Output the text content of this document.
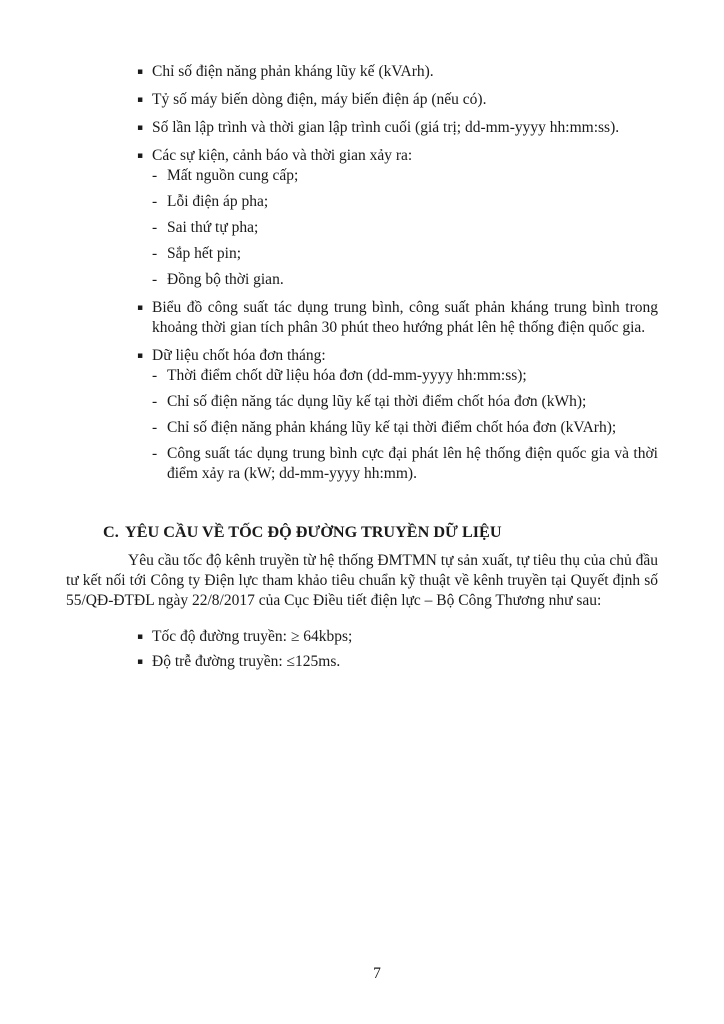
▪ Chỉ số điện năng phản kháng lũy kế (kVArh).
▪ Tỷ số máy biến dòng điện, máy biến điện áp (nếu có).
▪ Số lần lập trình và thời gian lập trình cuối (giá trị; dd-mm-yyyy hh:mm:ss).
▪ Các sự kiện, cảnh báo và thời gian xảy ra:
- Mất nguồn cung cấp;
- Lỗi điện áp pha;
- Sai thứ tự pha;
- Sắp hết pin;
- Đồng bộ thời gian.
▪ Biểu đồ công suất tác dụng trung bình, công suất phản kháng trung bình trong khoảng thời gian tích phân 30 phút theo hướng phát lên hệ thống điện quốc gia.
▪ Dữ liệu chốt hóa đơn tháng:
- Thời điểm chốt dữ liệu hóa đơn (dd-mm-yyyy hh:mm:ss);
- Chỉ số điện năng tác dụng lũy kế tại thời điểm chốt hóa đơn (kWh);
- Chỉ số điện năng phản kháng lũy kế tại thời điểm chốt hóa đơn (kVArh);
- Công suất tác dụng trung bình cực đại phát lên hệ thống điện quốc gia và thời điểm xảy ra (kW; dd-mm-yyyy hh:mm).
C. YÊU CẦU VỀ TỐC ĐỘ ĐƯỜNG TRUYỀN DỮ LIỆU

Yêu cầu tốc độ kênh truyền từ hệ thống ĐMTMN tự sản xuất, tự tiêu thụ của chủ đầu tư kết nối tới Công ty Điện lực tham khảo tiêu chuẩn kỹ thuật về kênh truyền tại Quyết định số 55/QĐ-ĐTĐL ngày 22/8/2017 của Cục Điều tiết điện lực – Bộ Công Thương như sau:

▪ Tốc độ đường truyền: ≥ 64kbps;
▪ Độ trễ đường truyền: ≤125ms.
7
